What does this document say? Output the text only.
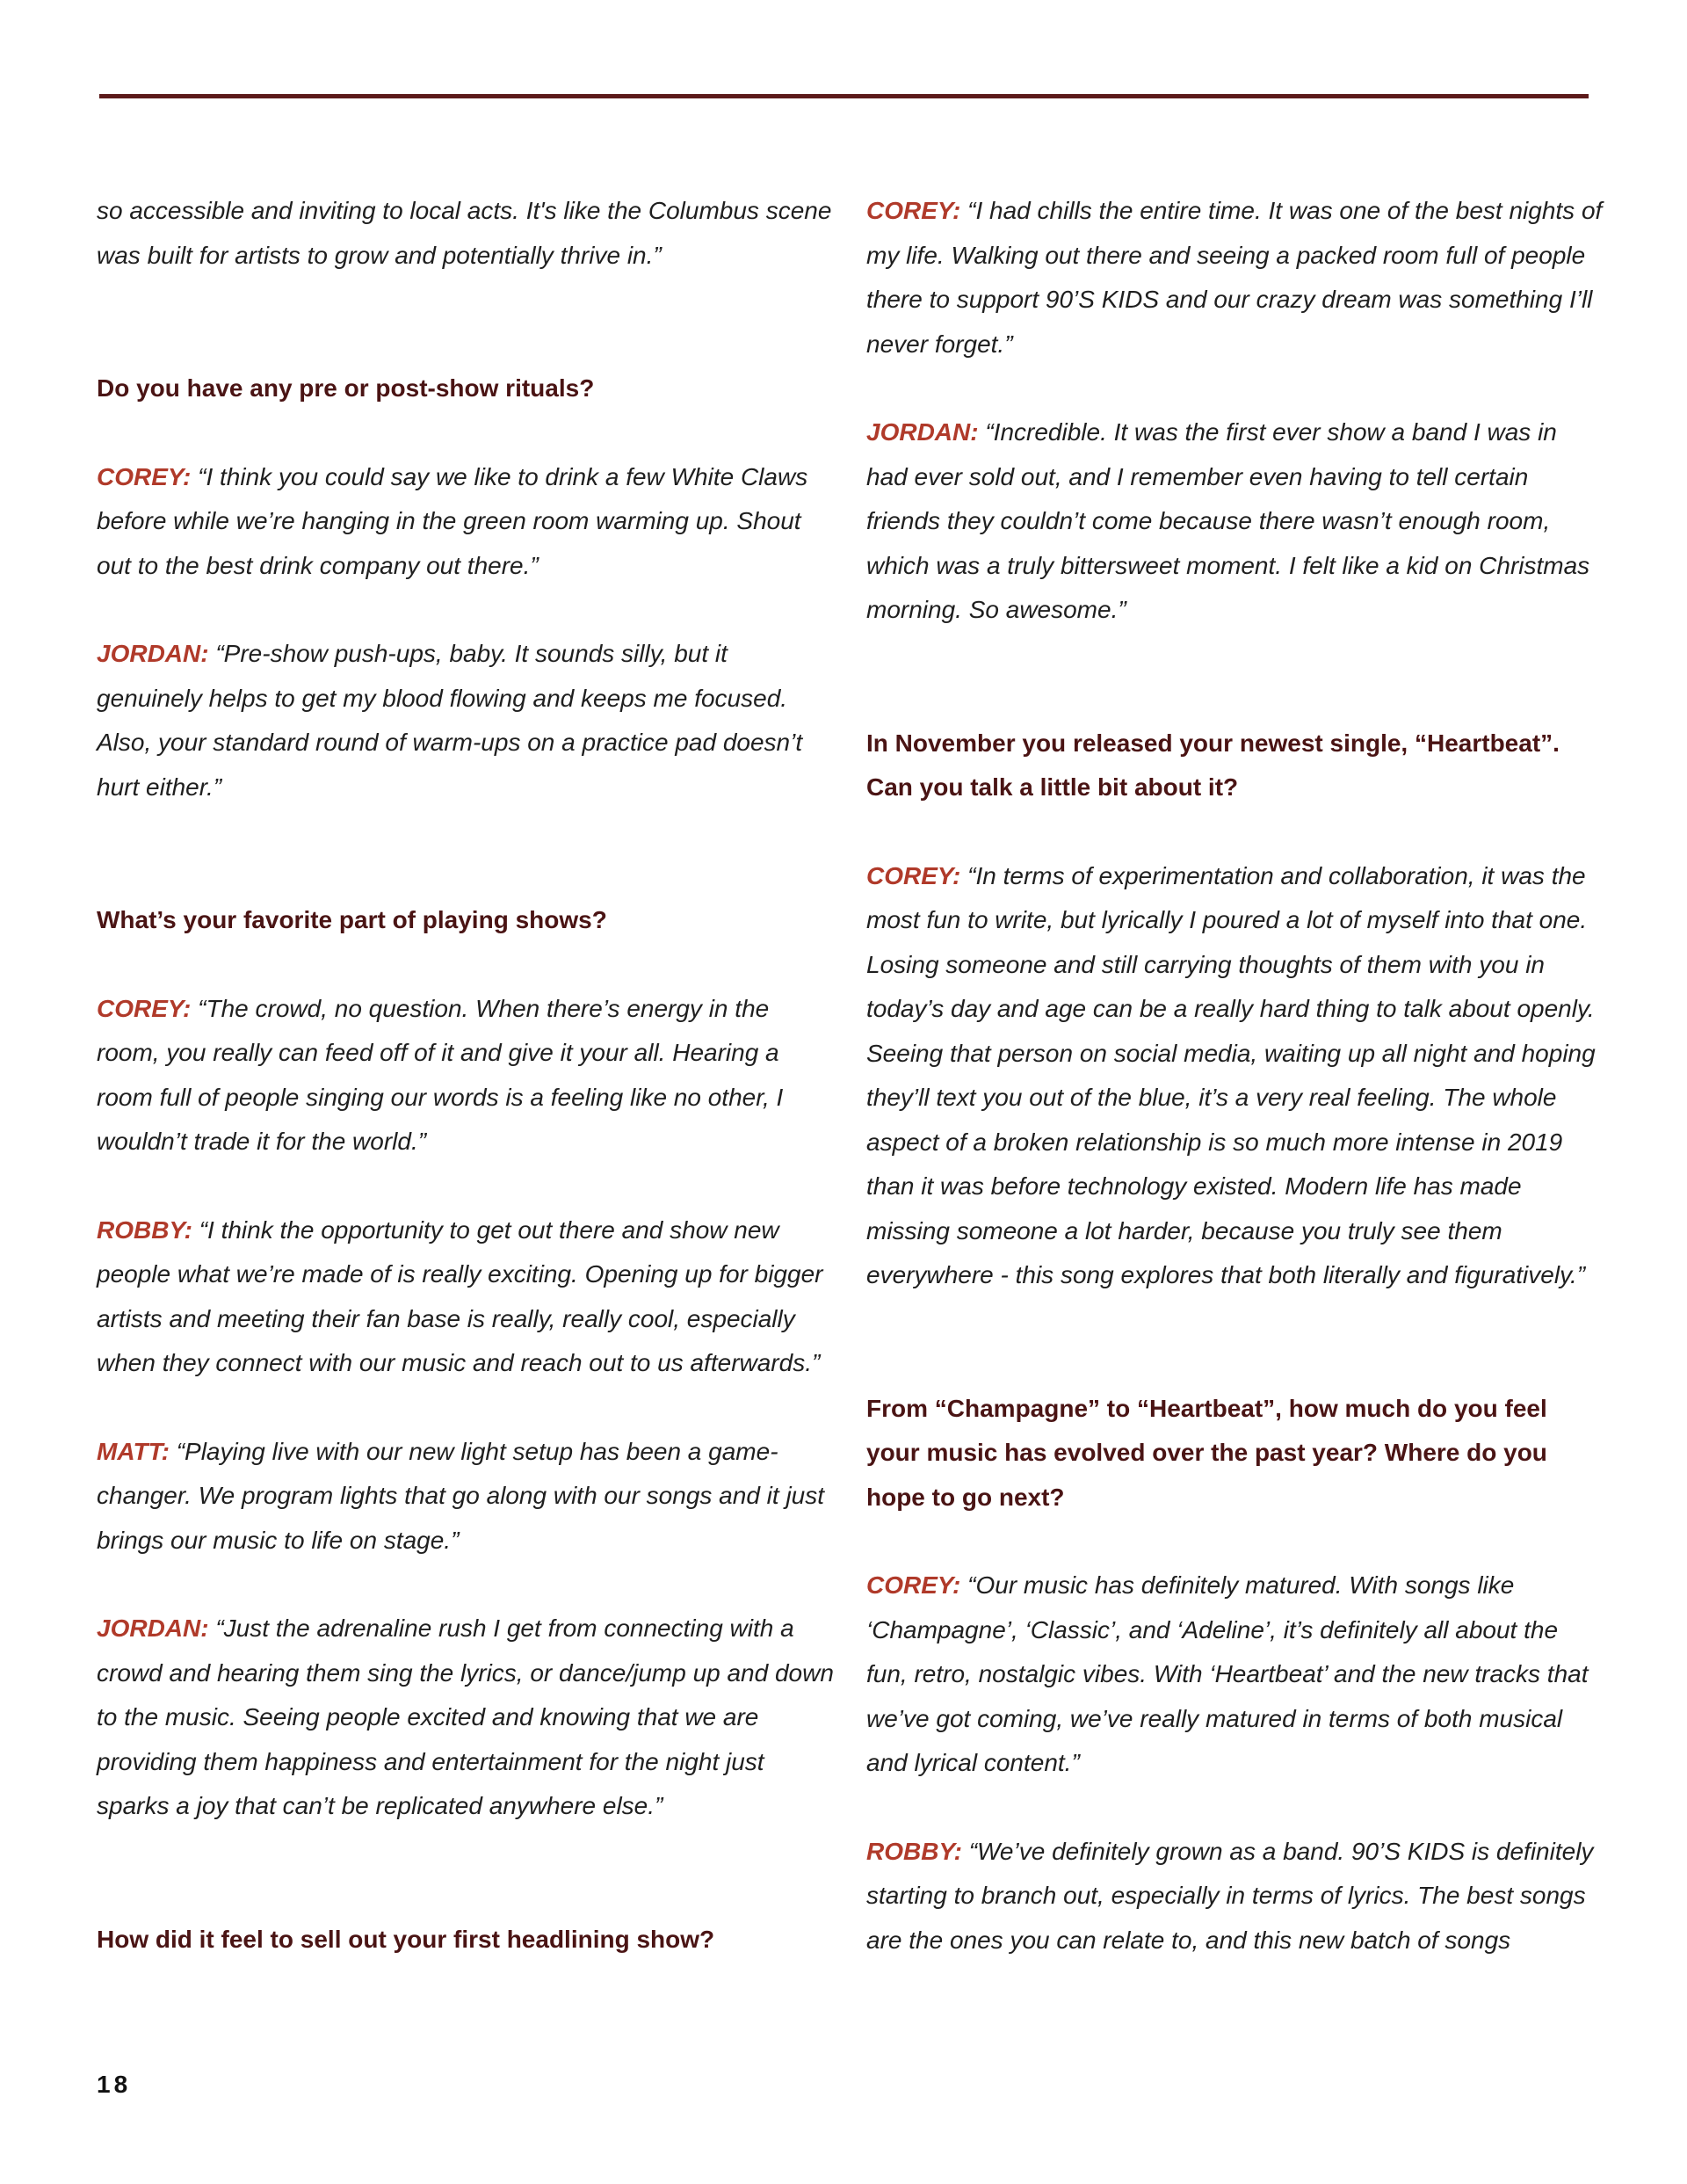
so accessible and inviting to local acts. It's like the Columbus scene was built for artists to grow and potentially thrive in.”

Do you have any pre or post-show rituals?

COREY: “I think you could say we like to drink a few White Claws before while we’re hanging in the green room warming up. Shout out to the best drink company out there.”

JORDAN: “Pre-show push-ups, baby. It sounds silly, but it genuinely helps to get my blood flowing and keeps me focused. Also, your standard round of warm-ups on a practice pad doesn’t hurt either.”

What’s your favorite part of playing shows?

COREY: “The crowd, no question. When there’s energy in the room, you really can feed off of it and give it your all. Hearing a room full of people singing our words is a feeling like no other, I wouldn’t trade it for the world.”

ROBBY: “I think the opportunity to get out there and show new people what we’re made of is really exciting. Opening up for bigger artists and meeting their fan base is really, really cool, especially when they connect with our music and reach out to us afterwards.”

MATT: “Playing live with our new light setup has been a game-changer. We program lights that go along with our songs and it just brings our music to life on stage.”

JORDAN: “Just the adrenaline rush I get from connecting with a crowd and hearing them sing the lyrics, or dance/jump up and down to the music. Seeing people excited and knowing that we are providing them happiness and entertainment for the night just sparks a joy that can’t be replicated anywhere else.”

How did it feel to sell out your first headlining show?

COREY: “I had chills the entire time. It was one of the best nights of my life. Walking out there and seeing a packed room full of people there to support 90’S KIDS and our crazy dream was something I’ll never forget.”

JORDAN: “Incredible. It was the first ever show a band I was in had ever sold out, and I remember even having to tell certain friends they couldn’t come because there wasn’t enough room, which was a truly bittersweet moment. I felt like a kid on Christmas morning. So awesome.”

In November you released your newest single, “Heartbeat”. Can you talk a little bit about it?

COREY: “In terms of experimentation and collaboration, it was the most fun to write, but lyrically I poured a lot of myself into that one. Losing someone and still carrying thoughts of them with you in today’s day and age can be a really hard thing to talk about openly. Seeing that person on social media, waiting up all night and hoping they’ll text you out of the blue, it’s a very real feeling. The whole aspect of a broken relationship is so much more intense in 2019 than it was before technology existed. Modern life has made missing someone a lot harder, because you truly see them everywhere - this song explores that both literally and figuratively.”

From “Champagne” to “Heartbeat”, how much do you feel your music has evolved over the past year? Where do you hope to go next?

COREY: “Our music has definitely matured. With songs like ‘Champagne’, ‘Classic’, and ‘Adeline’, it’s definitely all about the fun, retro, nostalgic vibes. With ‘Heartbeat’ and the new tracks that we’ve got coming, we’ve really matured in terms of both musical and lyrical content.”

ROBBY: “We’ve definitely grown as a band. 90’S KIDS is definitely starting to branch out, especially in terms of lyrics. The best songs are the ones you can relate to, and this new batch of songs

18
